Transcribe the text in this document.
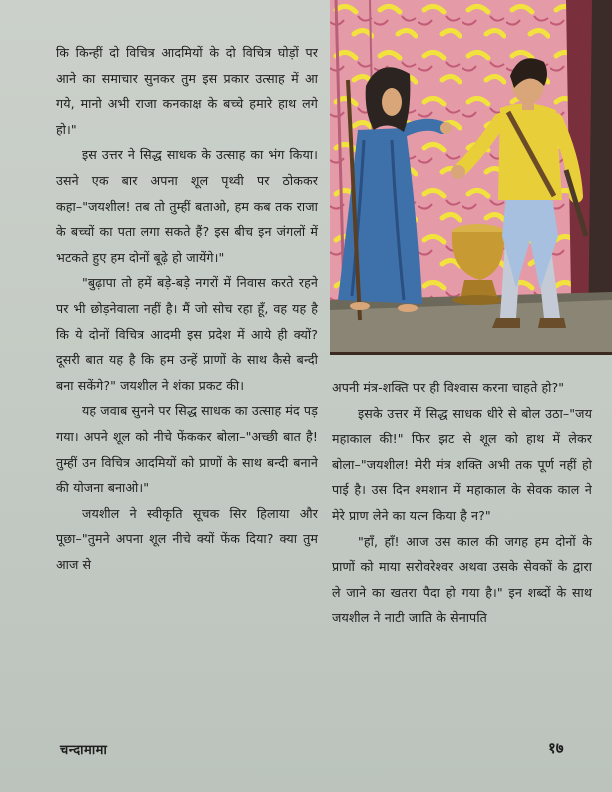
कि किन्हीं दो विचित्र आदमियों के दो विचित्र घोड़ों पर आने का समाचार सुनकर तुम इस प्रकार उत्साह में आ गये, मानो अभी राजा कनकाक्ष के बच्चे हमारे हाथ लगे हो।"

इस उत्तर ने सिद्ध साधक के उत्साह का भंग किया। उसने एक बार अपना शूल पृथ्वी पर ठोककर कहा–"जयशील! तब तो तुम्हीं बताओ, हम कब तक राजा के बच्चों का पता लगा सकते हैं? इस बीच इन जंगलों में भटकते हुए हम दोनों बूढ़े हो जायेंगे।"

"बुढ़ापा तो हमें बड़े-बड़े नगरों में निवास करते रहने पर भी छोड़नेवाला नहीं है। मैं जो सोच रहा हूँ, वह यह है कि ये दोनों विचित्र आदमी इस प्रदेश में आये ही क्यों? दूसरी बात यह है कि हम उन्हें प्राणों के साथ कैसे बन्दी बना सकेंगे?" जयशील ने शंका प्रकट की।

यह जवाब सुनने पर सिद्ध साधक का उत्साह मंद पड़ गया। अपने शूल को नीचे फेंककर बोला–"अच्छी बात है! तुम्हीं उन विचित्र आदमियों को प्राणों के साथ बन्दी बनाने की योजना बनाओ।"

जयशील ने स्वीकृति सूचक सिर हिलाया और पूछा–"तुमने अपना शूल नीचे क्यों फेंक दिया? क्या तुम आज से

अपनी मंत्र-शक्ति पर ही विश्वास करना चाहते हो?"

इसके उत्तर में सिद्ध साधक धीरे से बोल उठा–"जय महाकाल की!" फिर झट से शूल को हाथ में लेकर बोला–"जयशील! मेरी मंत्र शक्ति अभी तक पूर्ण नहीं हो पाई है। उस दिन श्मशान में महाकाल के सेवक काल ने मेरे प्राण लेने का यत्न किया है न?"

"हाँ, हाँ! आज उस काल की जगह हम दोनों के प्राणों को माया सरोवरेश्वर अथवा उसके सेवकों के द्वारा ले जाने का खतरा पैदा हो गया है।" इन शब्दों के साथ जयशील ने नाटी जाति के सेनापति

चन्दामामा	१७
